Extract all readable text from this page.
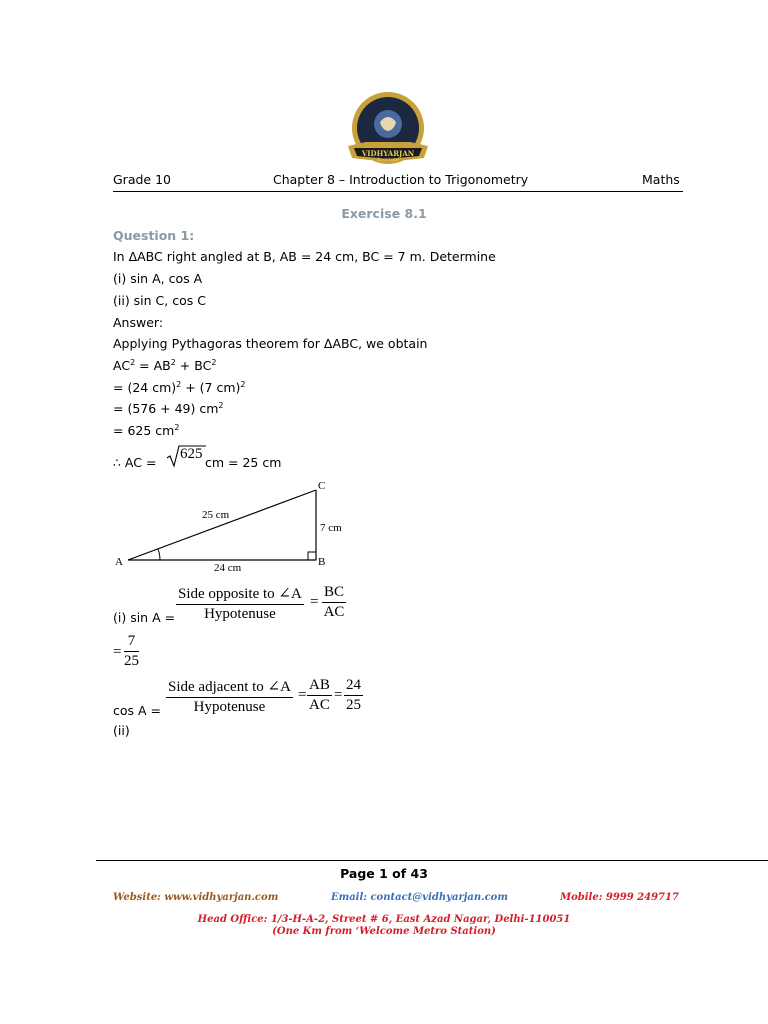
VIDHYARJAN
Institute
Grade 10	Chapter 8 – Introduction to Trigonometry	Maths
Exercise 8.1
Question 1:
In ΔABC right angled at B, AB = 24 cm, BC = 7 m. Determine
(i) sin A, cos A
(ii) sin C, cos C
Answer:
Applying Pythagoras theorem for ΔABC, we obtain
$AC^2 = AB^2 + BC^2$
= (24 cm)$^2$ + (7 cm)$^2$
= (576 + 49) $cm^2$
= 625 $cm^2$
∴ AC =
625
cm = 25 cm
A	B
C
25 cm
7 cm
24 cm
Side opposite to ∠A
Hypotenuse
= $\frac{BC}{AC}$
(i) sin A =
= $\frac{7}{25}$
Side adjacent to ∠A
Hypotenuse
= $\frac{AB}{AC} = \frac{24}{25}$
cos A =
(ii)
Page 1 of 43
Website: www.vidhyarjan.com	Email: contact@vidhyarjan.com	Mobile: 9999 249717
Head Office: 1/3-H-A-2, Street # 6, East Azad Nagar, Delhi-110051
(One Km from ‘Welcome Metro Station)
